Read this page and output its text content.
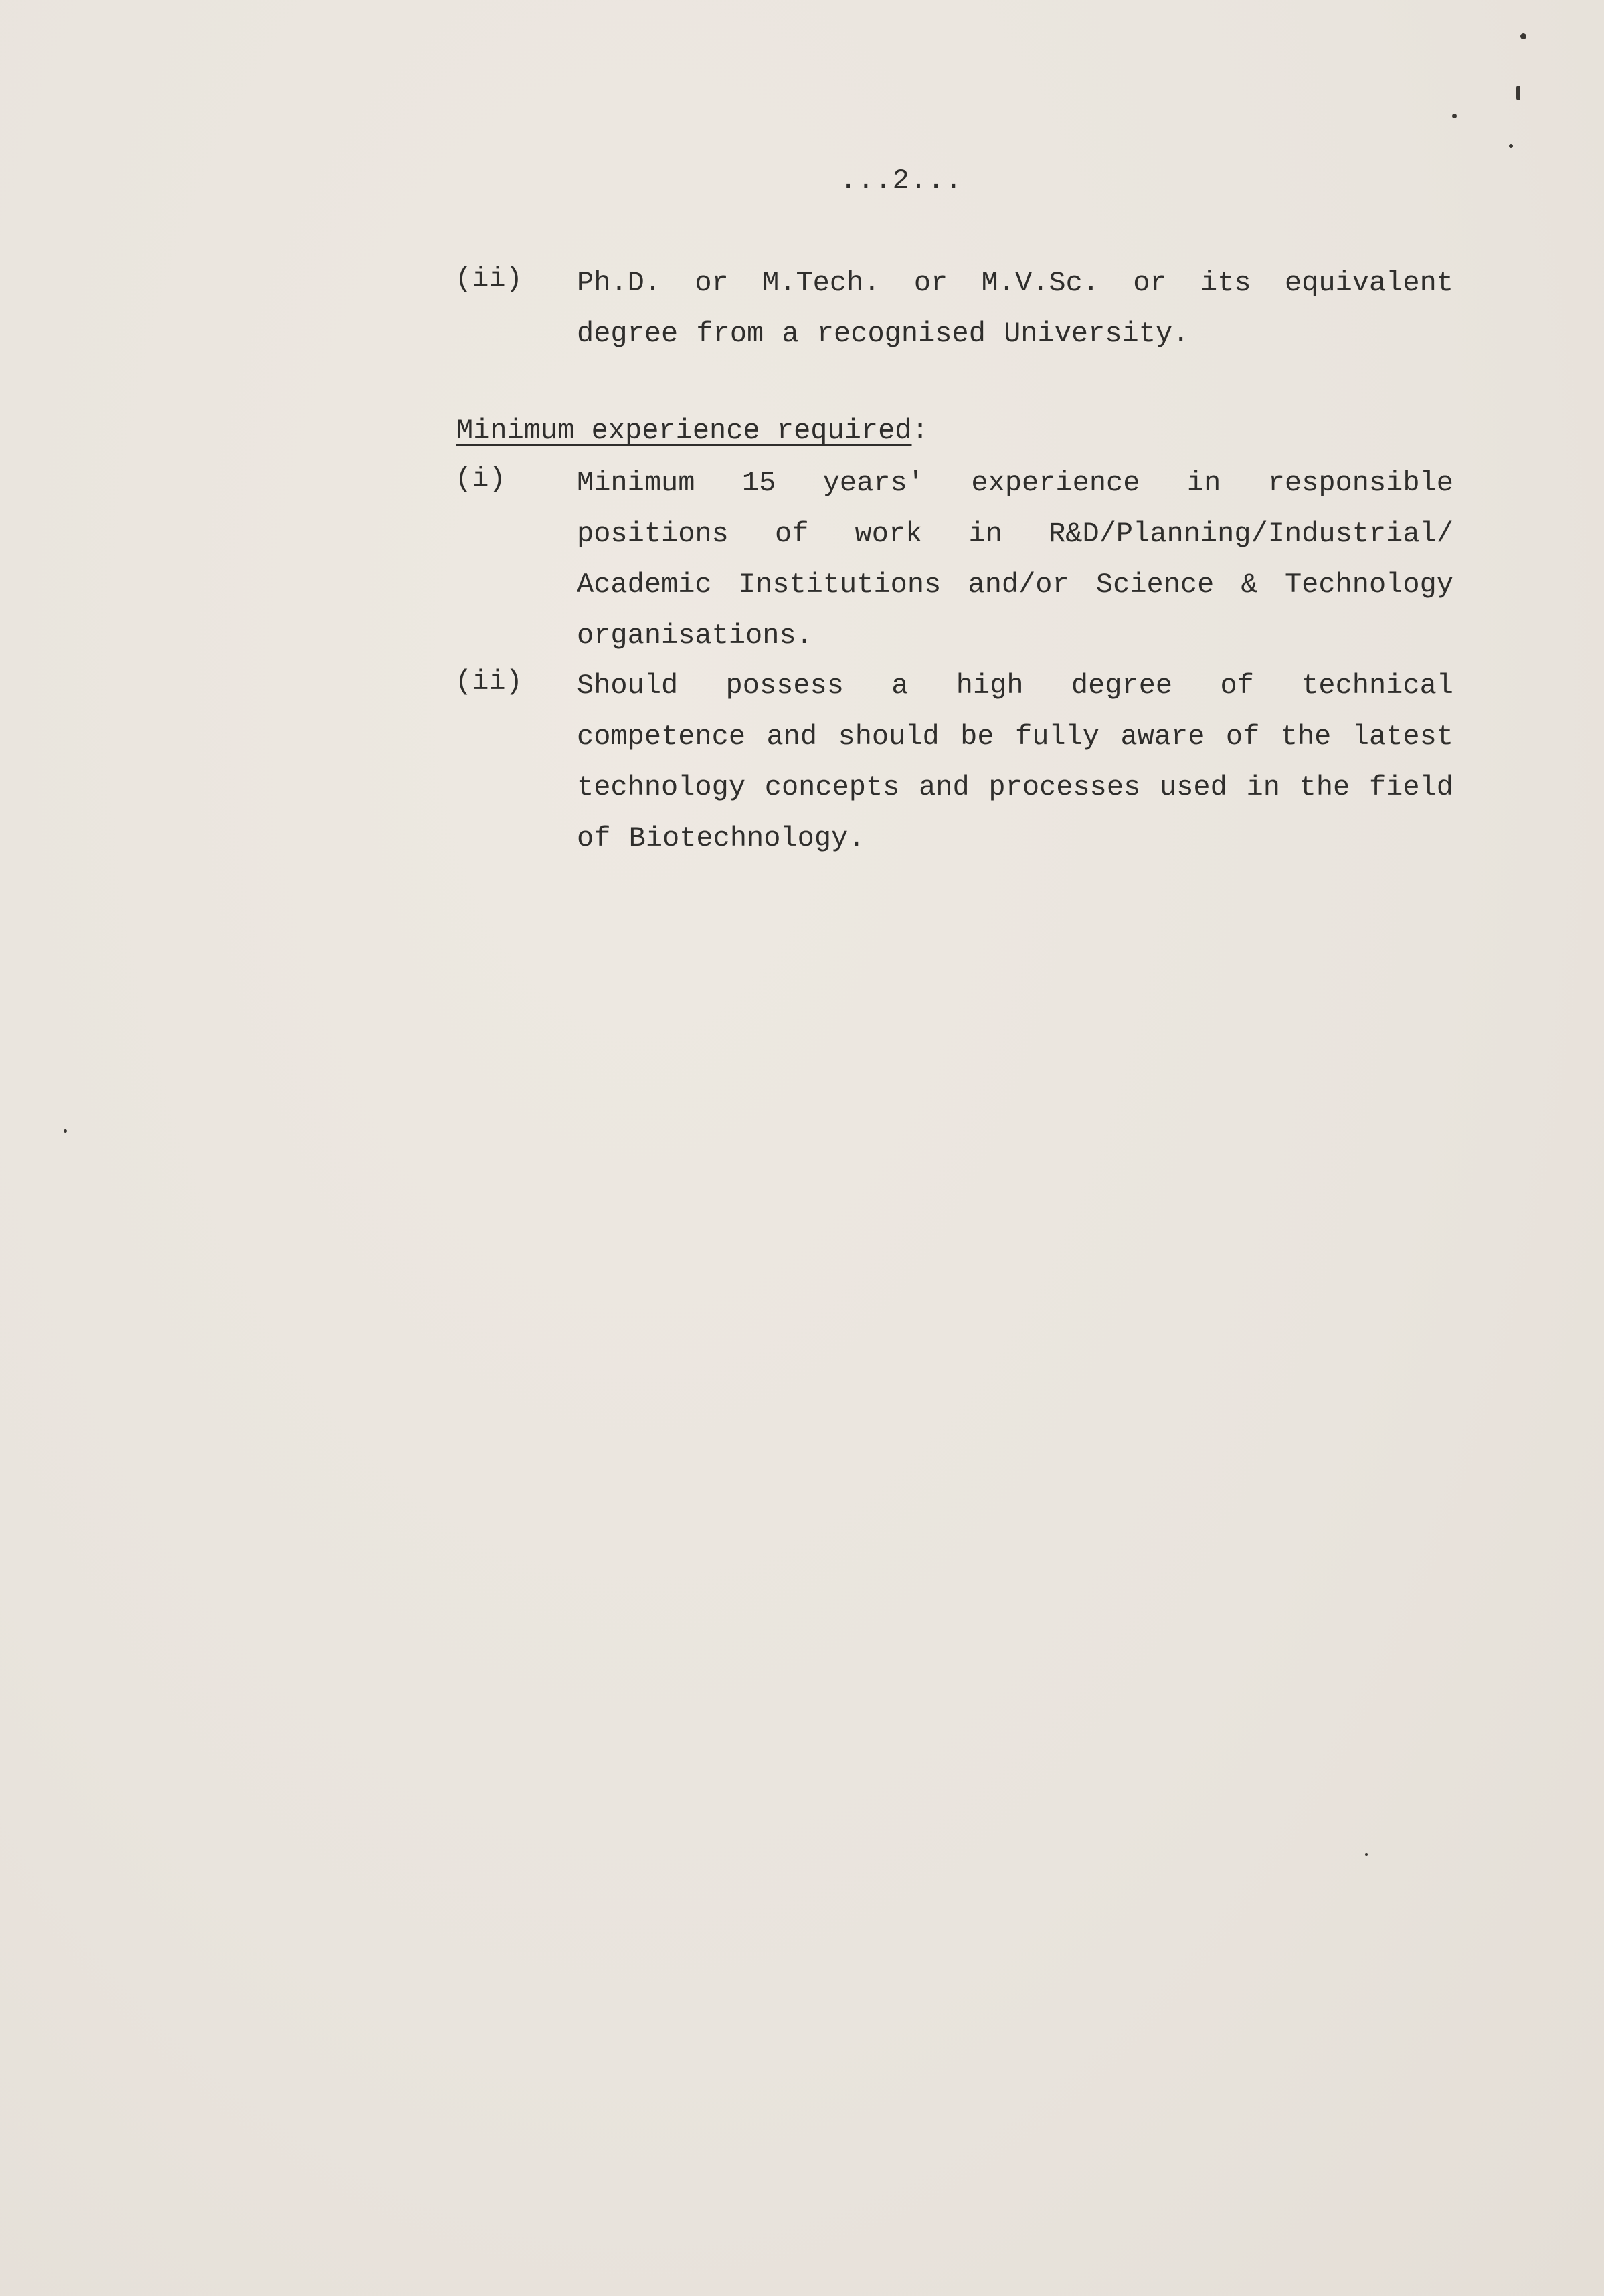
...2...
(ii) Ph.D. or M.Tech. or M.V.Sc. or its equivalent degree from a recognised University.
Minimum experience required:
(i)	Minimum 15 years' experience in responsible positions of work in R&D/Planning/Industrial/ Academic Institutions and/or Science & Technology organisations.
(ii) Should possess a high degree of technical competence and should be fully aware of the latest technology concepts and processes used in the field of Biotechnology.
